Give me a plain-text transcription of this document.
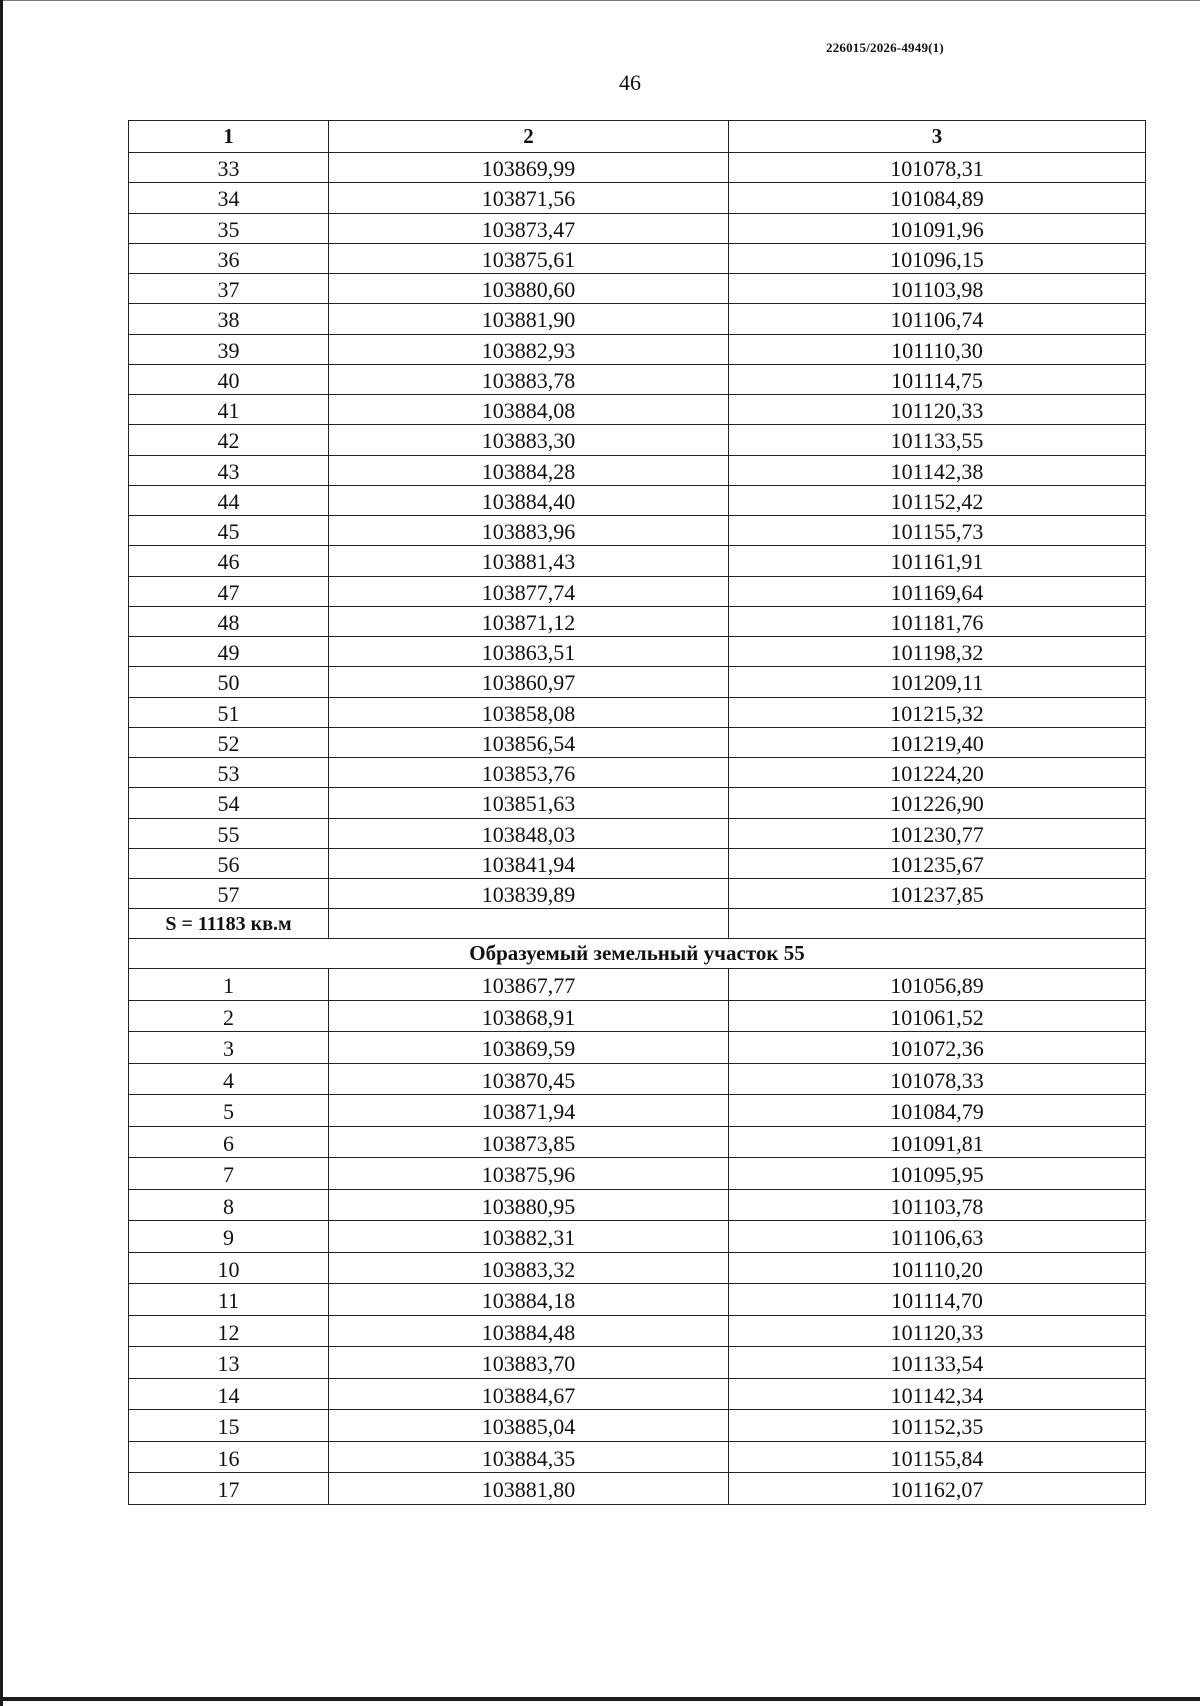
226015/2026-4949(1)
46
1	2	3
33	103869,99	101078,31
34	103871,56	101084,89
35	103873,47	101091,96
36	103875,61	101096,15
37	103880,60	101103,98
38	103881,90	101106,74
39	103882,93	101110,30
40	103883,78	101114,75
41	103884,08	101120,33
42	103883,30	101133,55
43	103884,28	101142,38
44	103884,40	101152,42
45	103883,96	101155,73
46	103881,43	101161,91
47	103877,74	101169,64
48	103871,12	101181,76
49	103863,51	101198,32
50	103860,97	101209,11
51	103858,08	101215,32
52	103856,54	101219,40
53	103853,76	101224,20
54	103851,63	101226,90
55	103848,03	101230,77
56	103841,94	101235,67
57	103839,89	101237,85
S = 11183 кв.м		
Образуемый земельный участок 55		
1	103867,77	101056,89
2	103868,91	101061,52
3	103869,59	101072,36
4	103870,45	101078,33
5	103871,94	101084,79
6	103873,85	101091,81
7	103875,96	101095,95
8	103880,95	101103,78
9	103882,31	101106,63
10	103883,32	101110,20
11	103884,18	101114,70
12	103884,48	101120,33
13	103883,70	101133,54
14	103884,67	101142,34
15	103885,04	101152,35
16	103884,35	101155,84
17	103881,80	101162,07
